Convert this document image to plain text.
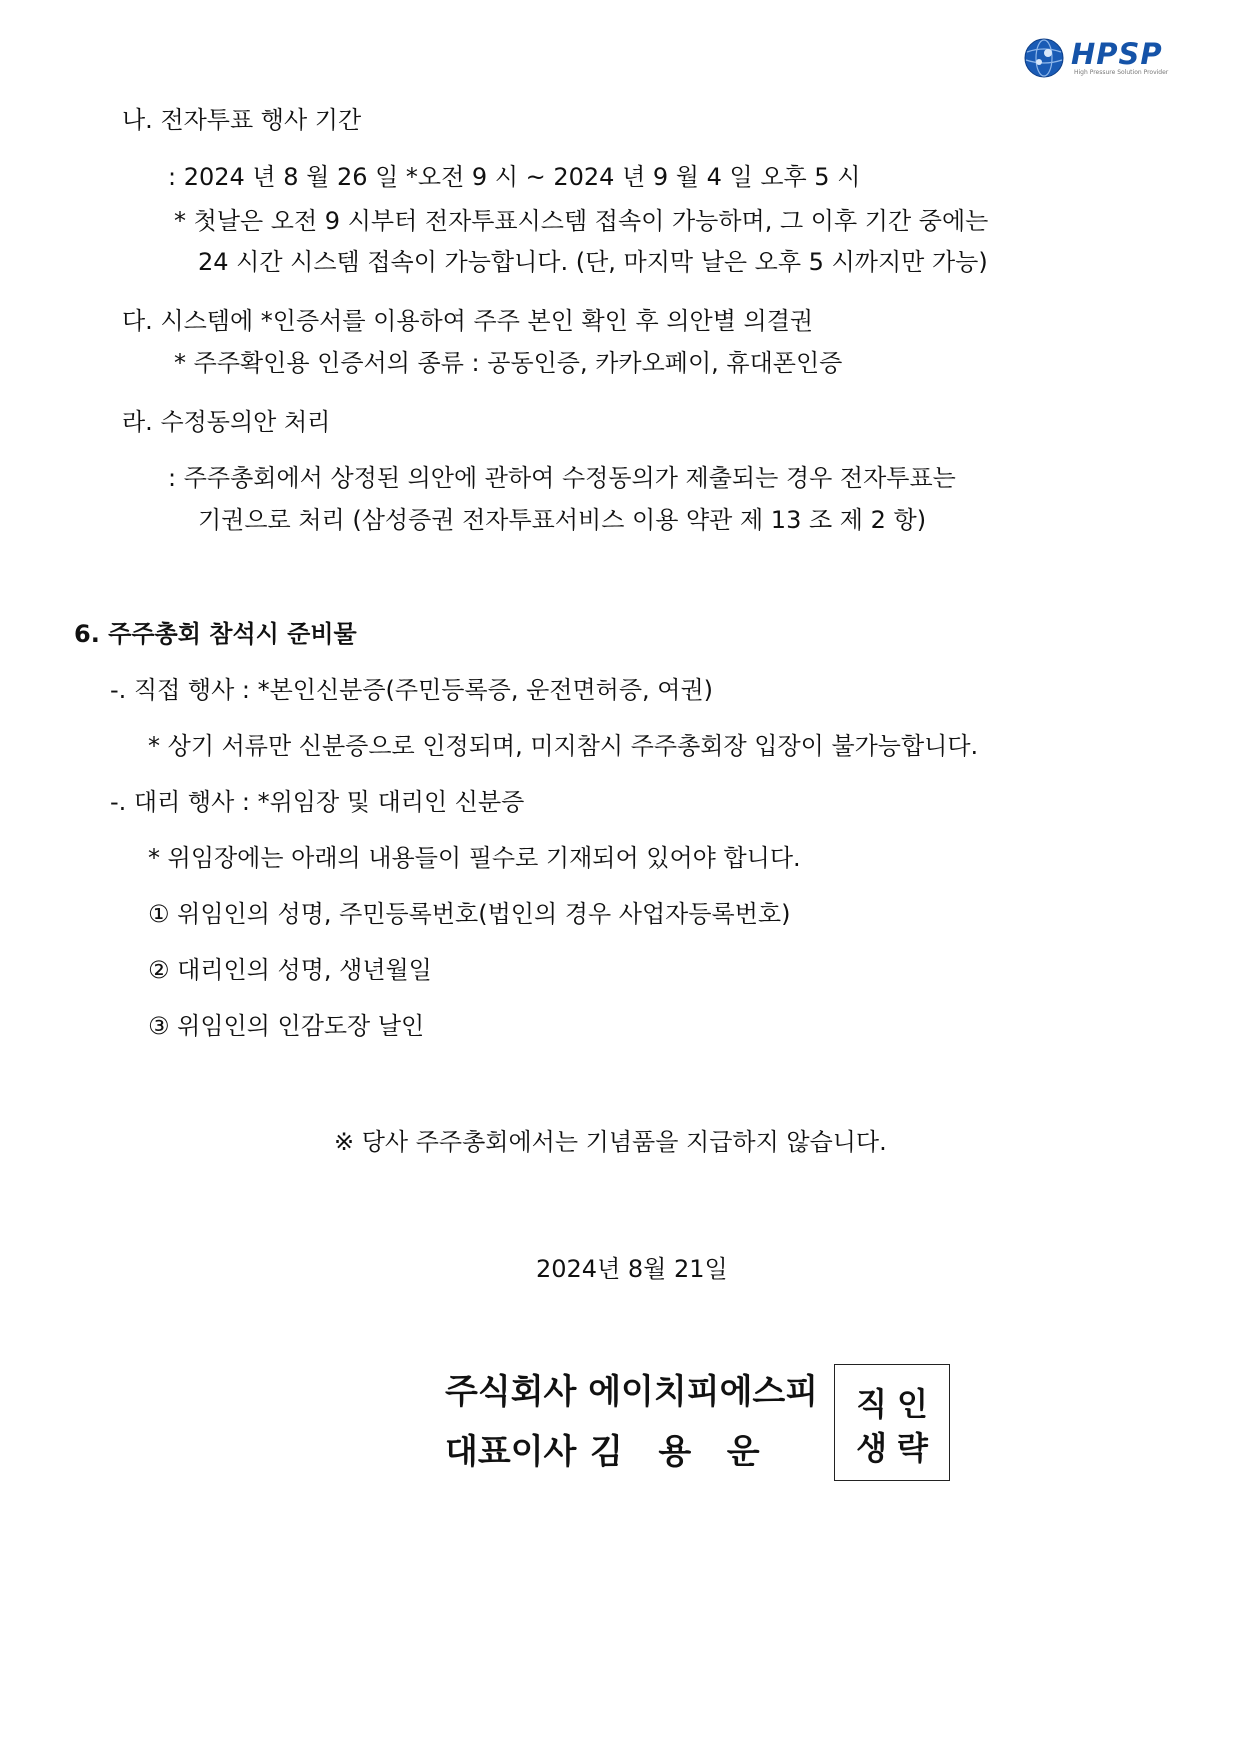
HPSP
High Pressure Solution Provider
나. 전자투표 행사 기간
: 2024 년 8 월 26 일 *오전 9 시 ~ 2024 년 9 월 4 일 오후 5 시
* 첫날은 오전 9 시부터 전자투표시스템 접속이 가능하며, 그 이후 기간 중에는
24 시간 시스템 접속이 가능합니다. (단, 마지막 날은 오후 5 시까지만 가능)
다. 시스템에 *인증서를 이용하여 주주 본인 확인 후 의안별 의결권
* 주주확인용 인증서의 종류 : 공동인증, 카카오페이, 휴대폰인증
라. 수정동의안 처리
: 주주총회에서 상정된 의안에 관하여 수정동의가 제출되는 경우 전자투표는
기권으로 처리 (삼성증권 전자투표서비스 이용 약관 제 13 조 제 2 항)
6. 주주총회 참석시 준비물
-. 직접 행사 : *본인신분증(주민등록증, 운전면허증, 여권)
* 상기 서류만 신분증으로 인정되며, 미지참시 주주총회장 입장이 불가능합니다.
-. 대리 행사 : *위임장 및 대리인 신분증
* 위임장에는 아래의 내용들이 필수로 기재되어 있어야 합니다.
① 위임인의 성명, 주민등록번호(법인의 경우 사업자등록번호)
② 대리인의 성명, 생년월일
③ 위임인의 인감도장 날인
※ 당사 주주총회에서는 기념품을 지급하지 않습니다.
2024년 8월 21일
주식회사 에이치피에스피
대표이사 김   용   운
직인
생략
